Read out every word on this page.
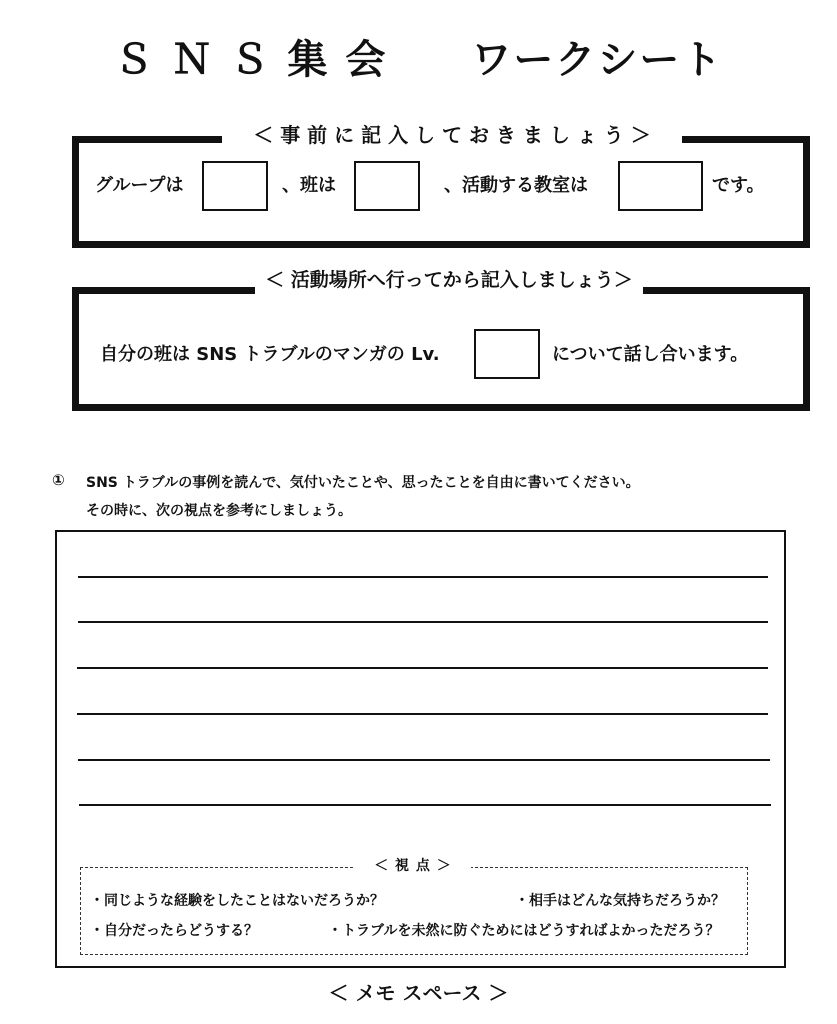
Ｓ Ｎ Ｓ 集 会　　ワークシート
＜ 事 前 に 記 入 し て お き ま し ょ う ＞
グループは	、班は	、活動する教室は	です。
＜ 活動場所へ行ってから記入しましょう＞
自分の班は SNS トラブルのマンガの Lv.	について話し合います。
① SNS トラブルの事例を読んで、気付いたことや、思ったことを自由に書いてください。
その時に、次の視点を参考にしましょう。
＜ 視 点 ＞
・同じような経験をしたことはないだろうか？	・相手はどんな気持ちだろうか？
・自分だったらどうする？	・トラブルを未然に防ぐためにはどうすればよかっただろう？
＜ メモ スペース ＞
